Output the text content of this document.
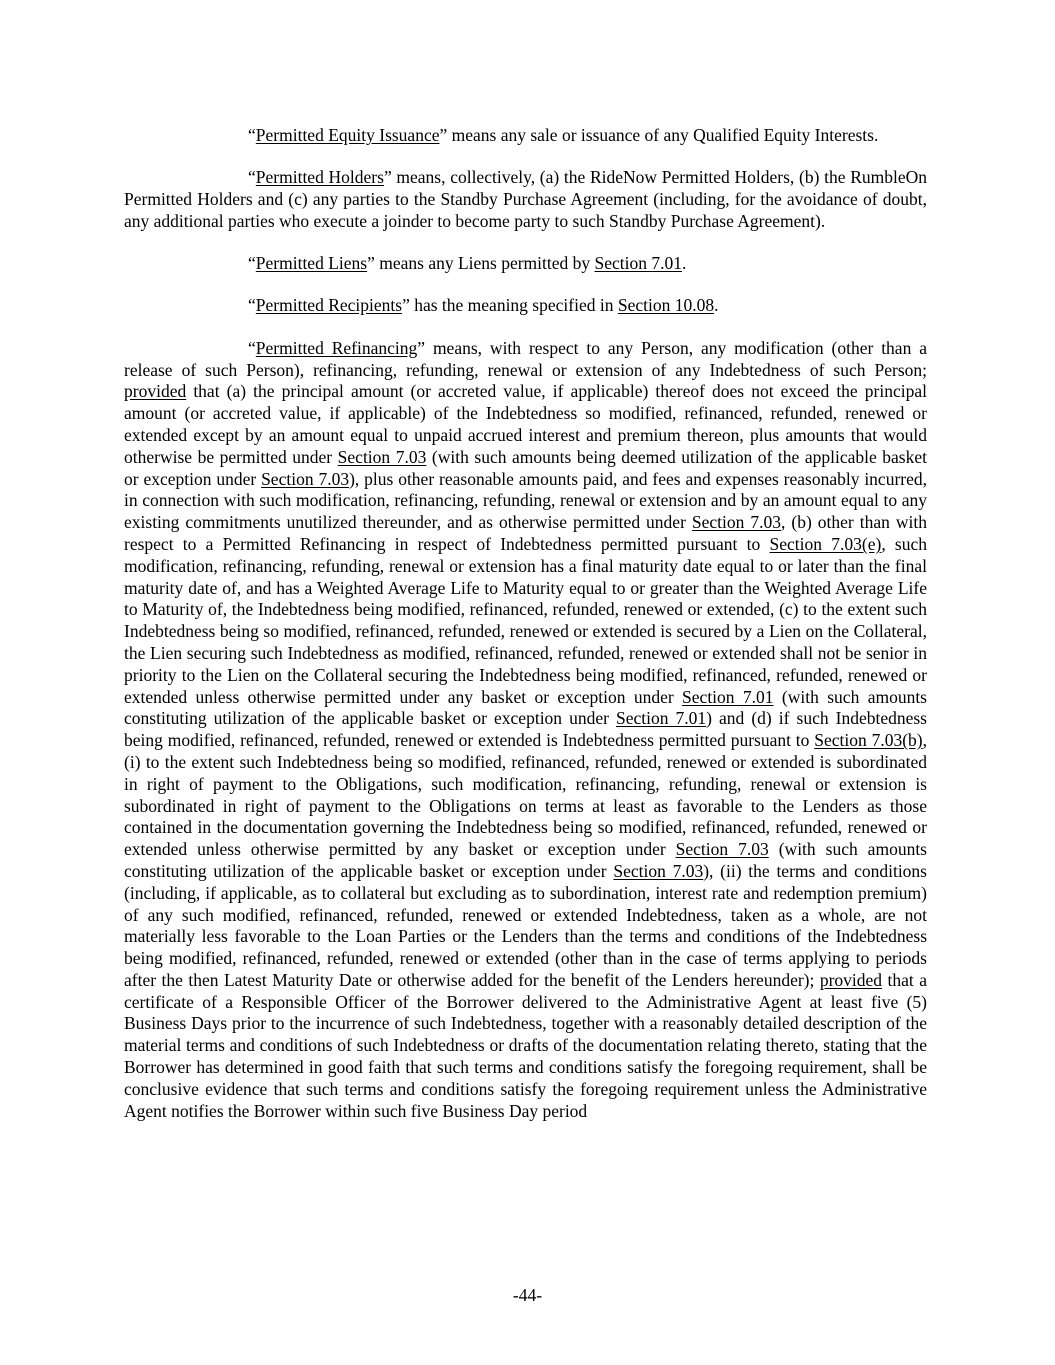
“Permitted Equity Issuance” means any sale or issuance of any Qualified Equity Interests.

“Permitted Holders” means, collectively, (a) the RideNow Permitted Holders, (b) the RumbleOn Permitted Holders and (c) any parties to the Standby Purchase Agreement (including, for the avoidance of doubt, any additional parties who execute a joinder to become party to such Standby Purchase Agreement).

“Permitted Liens” means any Liens permitted by Section 7.01.

“Permitted Recipients” has the meaning specified in Section 10.08.

“Permitted Refinancing” means, with respect to any Person, any modification (other than a release of such Person), refinancing, refunding, renewal or extension of any Indebtedness of such Person; provided that (a) the principal amount (or accreted value, if applicable) thereof does not exceed the principal amount (or accreted value, if applicable) of the Indebtedness so modified, refinanced, refunded, renewed or extended except by an amount equal to unpaid accrued interest and premium thereon, plus amounts that would otherwise be permitted under Section 7.03 (with such amounts being deemed utilization of the applicable basket or exception under Section 7.03), plus other reasonable amounts paid, and fees and expenses reasonably incurred, in connection with such modification, refinancing, refunding, renewal or extension and by an amount equal to any existing commitments unutilized thereunder, and as otherwise permitted under Section 7.03, (b) other than with respect to a Permitted Refinancing in respect of Indebtedness permitted pursuant to Section 7.03(e), such modification, refinancing, refunding, renewal or extension has a final maturity date equal to or later than the final maturity date of, and has a Weighted Average Life to Maturity equal to or greater than the Weighted Average Life to Maturity of, the Indebtedness being modified, refinanced, refunded, renewed or extended, (c) to the extent such Indebtedness being so modified, refinanced, refunded, renewed or extended is secured by a Lien on the Collateral, the Lien securing such Indebtedness as modified, refinanced, refunded, renewed or extended shall not be senior in priority to the Lien on the Collateral securing the Indebtedness being modified, refinanced, refunded, renewed or extended unless otherwise permitted under any basket or exception under Section 7.01 (with such amounts constituting utilization of the applicable basket or exception under Section 7.01) and (d) if such Indebtedness being modified, refinanced, refunded, renewed or extended is Indebtedness permitted pursuant to Section 7.03(b), (i) to the extent such Indebtedness being so modified, refinanced, refunded, renewed or extended is subordinated in right of payment to the Obligations, such modification, refinancing, refunding, renewal or extension is subordinated in right of payment to the Obligations on terms at least as favorable to the Lenders as those contained in the documentation governing the Indebtedness being so modified, refinanced, refunded, renewed or extended unless otherwise permitted by any basket or exception under Section 7.03 (with such amounts constituting utilization of the applicable basket or exception under Section 7.03), (ii) the terms and conditions (including, if applicable, as to collateral but excluding as to subordination, interest rate and redemption premium) of any such modified, refinanced, refunded, renewed or extended Indebtedness, taken as a whole, are not materially less favorable to the Loan Parties or the Lenders than the terms and conditions of the Indebtedness being modified, refinanced, refunded, renewed or extended (other than in the case of terms applying to periods after the then Latest Maturity Date or otherwise added for the benefit of the Lenders hereunder); provided that a certificate of a Responsible Officer of the Borrower delivered to the Administrative Agent at least five (5) Business Days prior to the incurrence of such Indebtedness, together with a reasonably detailed description of the material terms and conditions of such Indebtedness or drafts of the documentation relating thereto, stating that the Borrower has determined in good faith that such terms and conditions satisfy the foregoing requirement, shall be conclusive evidence that such terms and conditions satisfy the foregoing requirement unless the Administrative Agent notifies the Borrower within such five Business Day period

-44-
